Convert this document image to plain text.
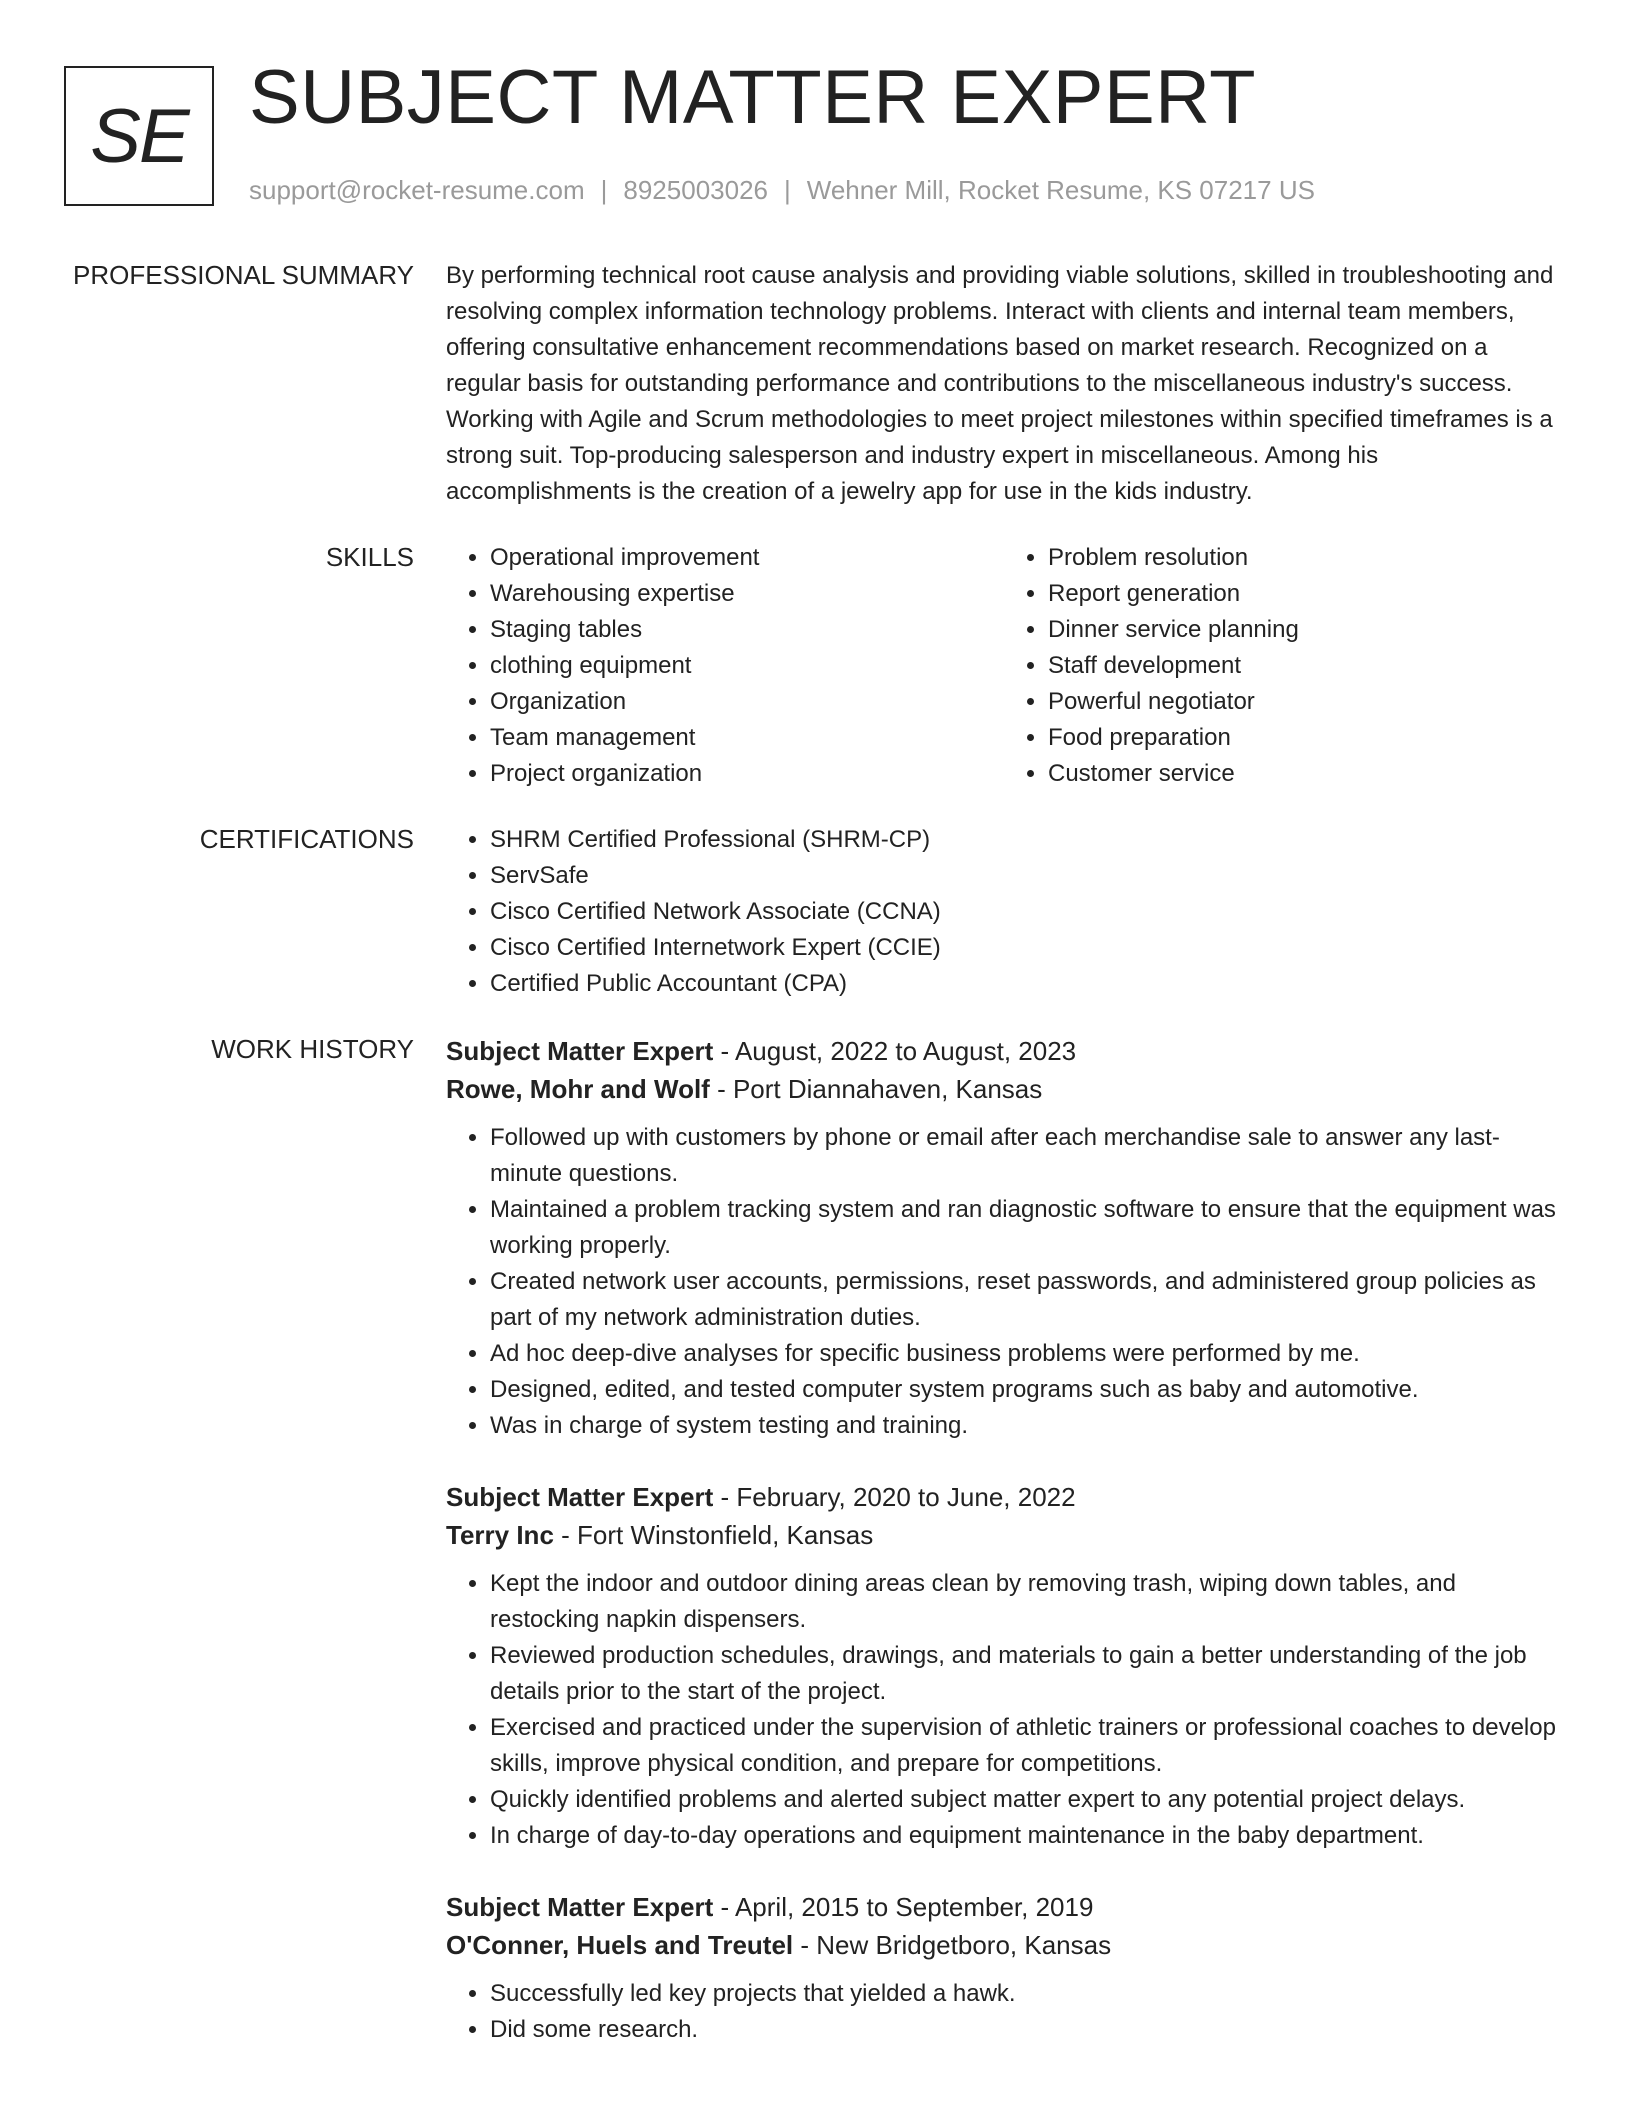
SE SUBJECT MATTER EXPERT
support@rocket-resume.com | 8925003026 | Wehner Mill, Rocket Resume, KS 07217 US
PROFESSIONAL SUMMARY By performing technical root cause analysis and providing viable solutions, skilled in troubleshooting and resolving complex information technology problems. Interact with clients and internal team members, offering consultative enhancement recommendations based on market research. Recognized on a regular basis for outstanding performance and contributions to the miscellaneous industry's success. Working with Agile and Scrum methodologies to meet project milestones within specified timeframes is a strong suit. Top-producing salesperson and industry expert in miscellaneous. Among his accomplishments is the creation of a jewelry app for use in the kids industry.

SKILLS	• Operational improvement
• Warehousing expertise
• Staging tables
• clothing equipment
• Organization
• Team management
• Project organization
• Problem resolution
• Report generation
• Dinner service planning
• Staff development
• Powerful negotiator
• Food preparation
• Customer service
CERTIFICATIONS	• SHRM Certified Professional (SHRM-CP)
• ServSafe
• Cisco Certified Network Associate (CCNA)
• Cisco Certified Internetwork Expert (CCIE)
• Certified Public Accountant (CPA)
WORK HISTORY Subject Matter Expert - August, 2022 to August, 2023
Rowe, Mohr and Wolf - Port Diannahaven, Kansas
• Followed up with customers by phone or email after each merchandise sale to answer any last-minute questions.
• Maintained a problem tracking system and ran diagnostic software to ensure that the equipment was working properly.
• Created network user accounts, permissions, reset passwords, and administered group policies as part of my network administration duties.
• Ad hoc deep-dive analyses for specific business problems were performed by me.
• Designed, edited, and tested computer system programs such as baby and automotive.
• Was in charge of system testing and training.
Subject Matter Expert - February, 2020 to June, 2022
Terry Inc - Fort Winstonfield, Kansas
• Kept the indoor and outdoor dining areas clean by removing trash, wiping down tables, and restocking napkin dispensers.
• Reviewed production schedules, drawings, and materials to gain a better understanding of the job details prior to the start of the project.
• Exercised and practiced under the supervision of athletic trainers or professional coaches to develop skills, improve physical condition, and prepare for competitions.
• Quickly identified problems and alerted subject matter expert to any potential project delays.
• In charge of day-to-day operations and equipment maintenance in the baby department.
Subject Matter Expert - April, 2015 to September, 2019
O'Conner, Huels and Treutel - New Bridgetboro, Kansas
• Successfully led key projects that yielded a hawk.
• Did some research.
